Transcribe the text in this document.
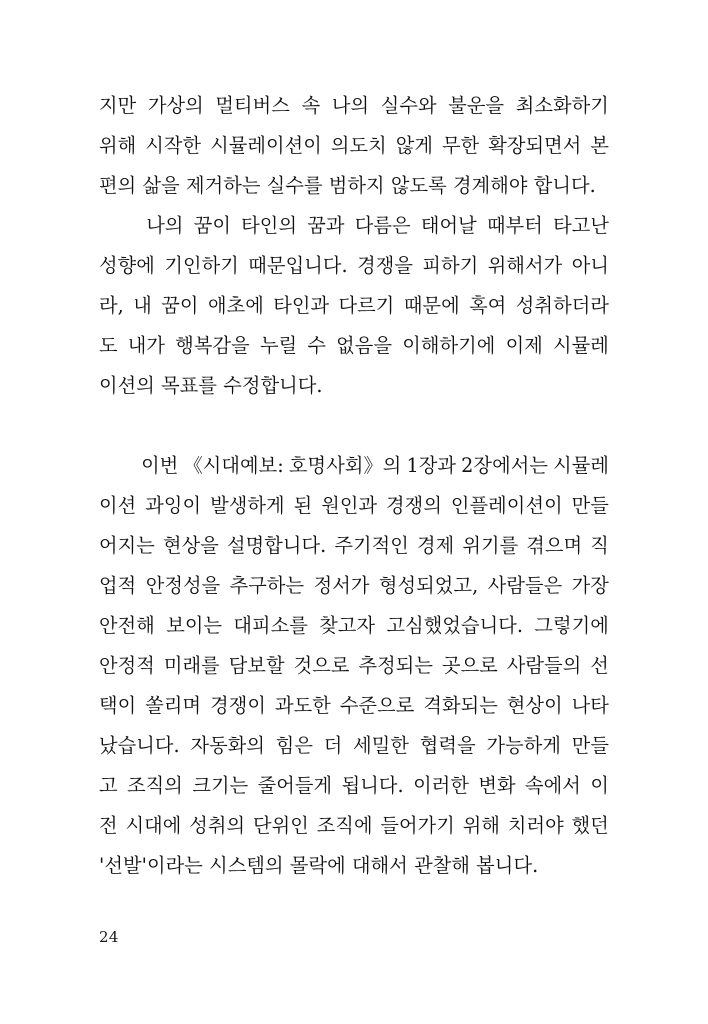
지만 가상의 멀티버스 속 나의 실수와 불운을 최소화하기
위해 시작한 시뮬레이션이 의도치 않게 무한 확장되면서 본
편의 삶을 제거하는 실수를 범하지 않도록 경계해야 합니다.

나의 꿈이 타인의 꿈과 다름은 태어날 때부터 타고난
성향에 기인하기 때문입니다. 경쟁을 피하기 위해서가 아니
라, 내 꿈이 애초에 타인과 다르기 때문에 혹여 성취하더라
도 내가 행복감을 누릴 수 없음을 이해하기에 이제 시뮬레
이션의 목표를 수정합니다.

이번 《시대예보: 호명사회》의 1장과 2장에서는 시뮬레
이션 과잉이 발생하게 된 원인과 경쟁의 인플레이션이 만들
어지는 현상을 설명합니다. 주기적인 경제 위기를 겪으며 직
업적 안정성을 추구하는 정서가 형성되었고, 사람들은 가장
안전해 보이는 대피소를 찾고자 고심했었습니다. 그렇기에
안정적 미래를 담보할 것으로 추정되는 곳으로 사람들의 선
택이 쏠리며 경쟁이 과도한 수준으로 격화되는 현상이 나타
났습니다. 자동화의 힘은 더 세밀한 협력을 가능하게 만들
고 조직의 크기는 줄어들게 됩니다. 이러한 변화 속에서 이
전 시대에 성취의 단위인 조직에 들어가기 위해 치러야 했던
'선발'이라는 시스템의 몰락에 대해서 관찰해 봅니다.

24
